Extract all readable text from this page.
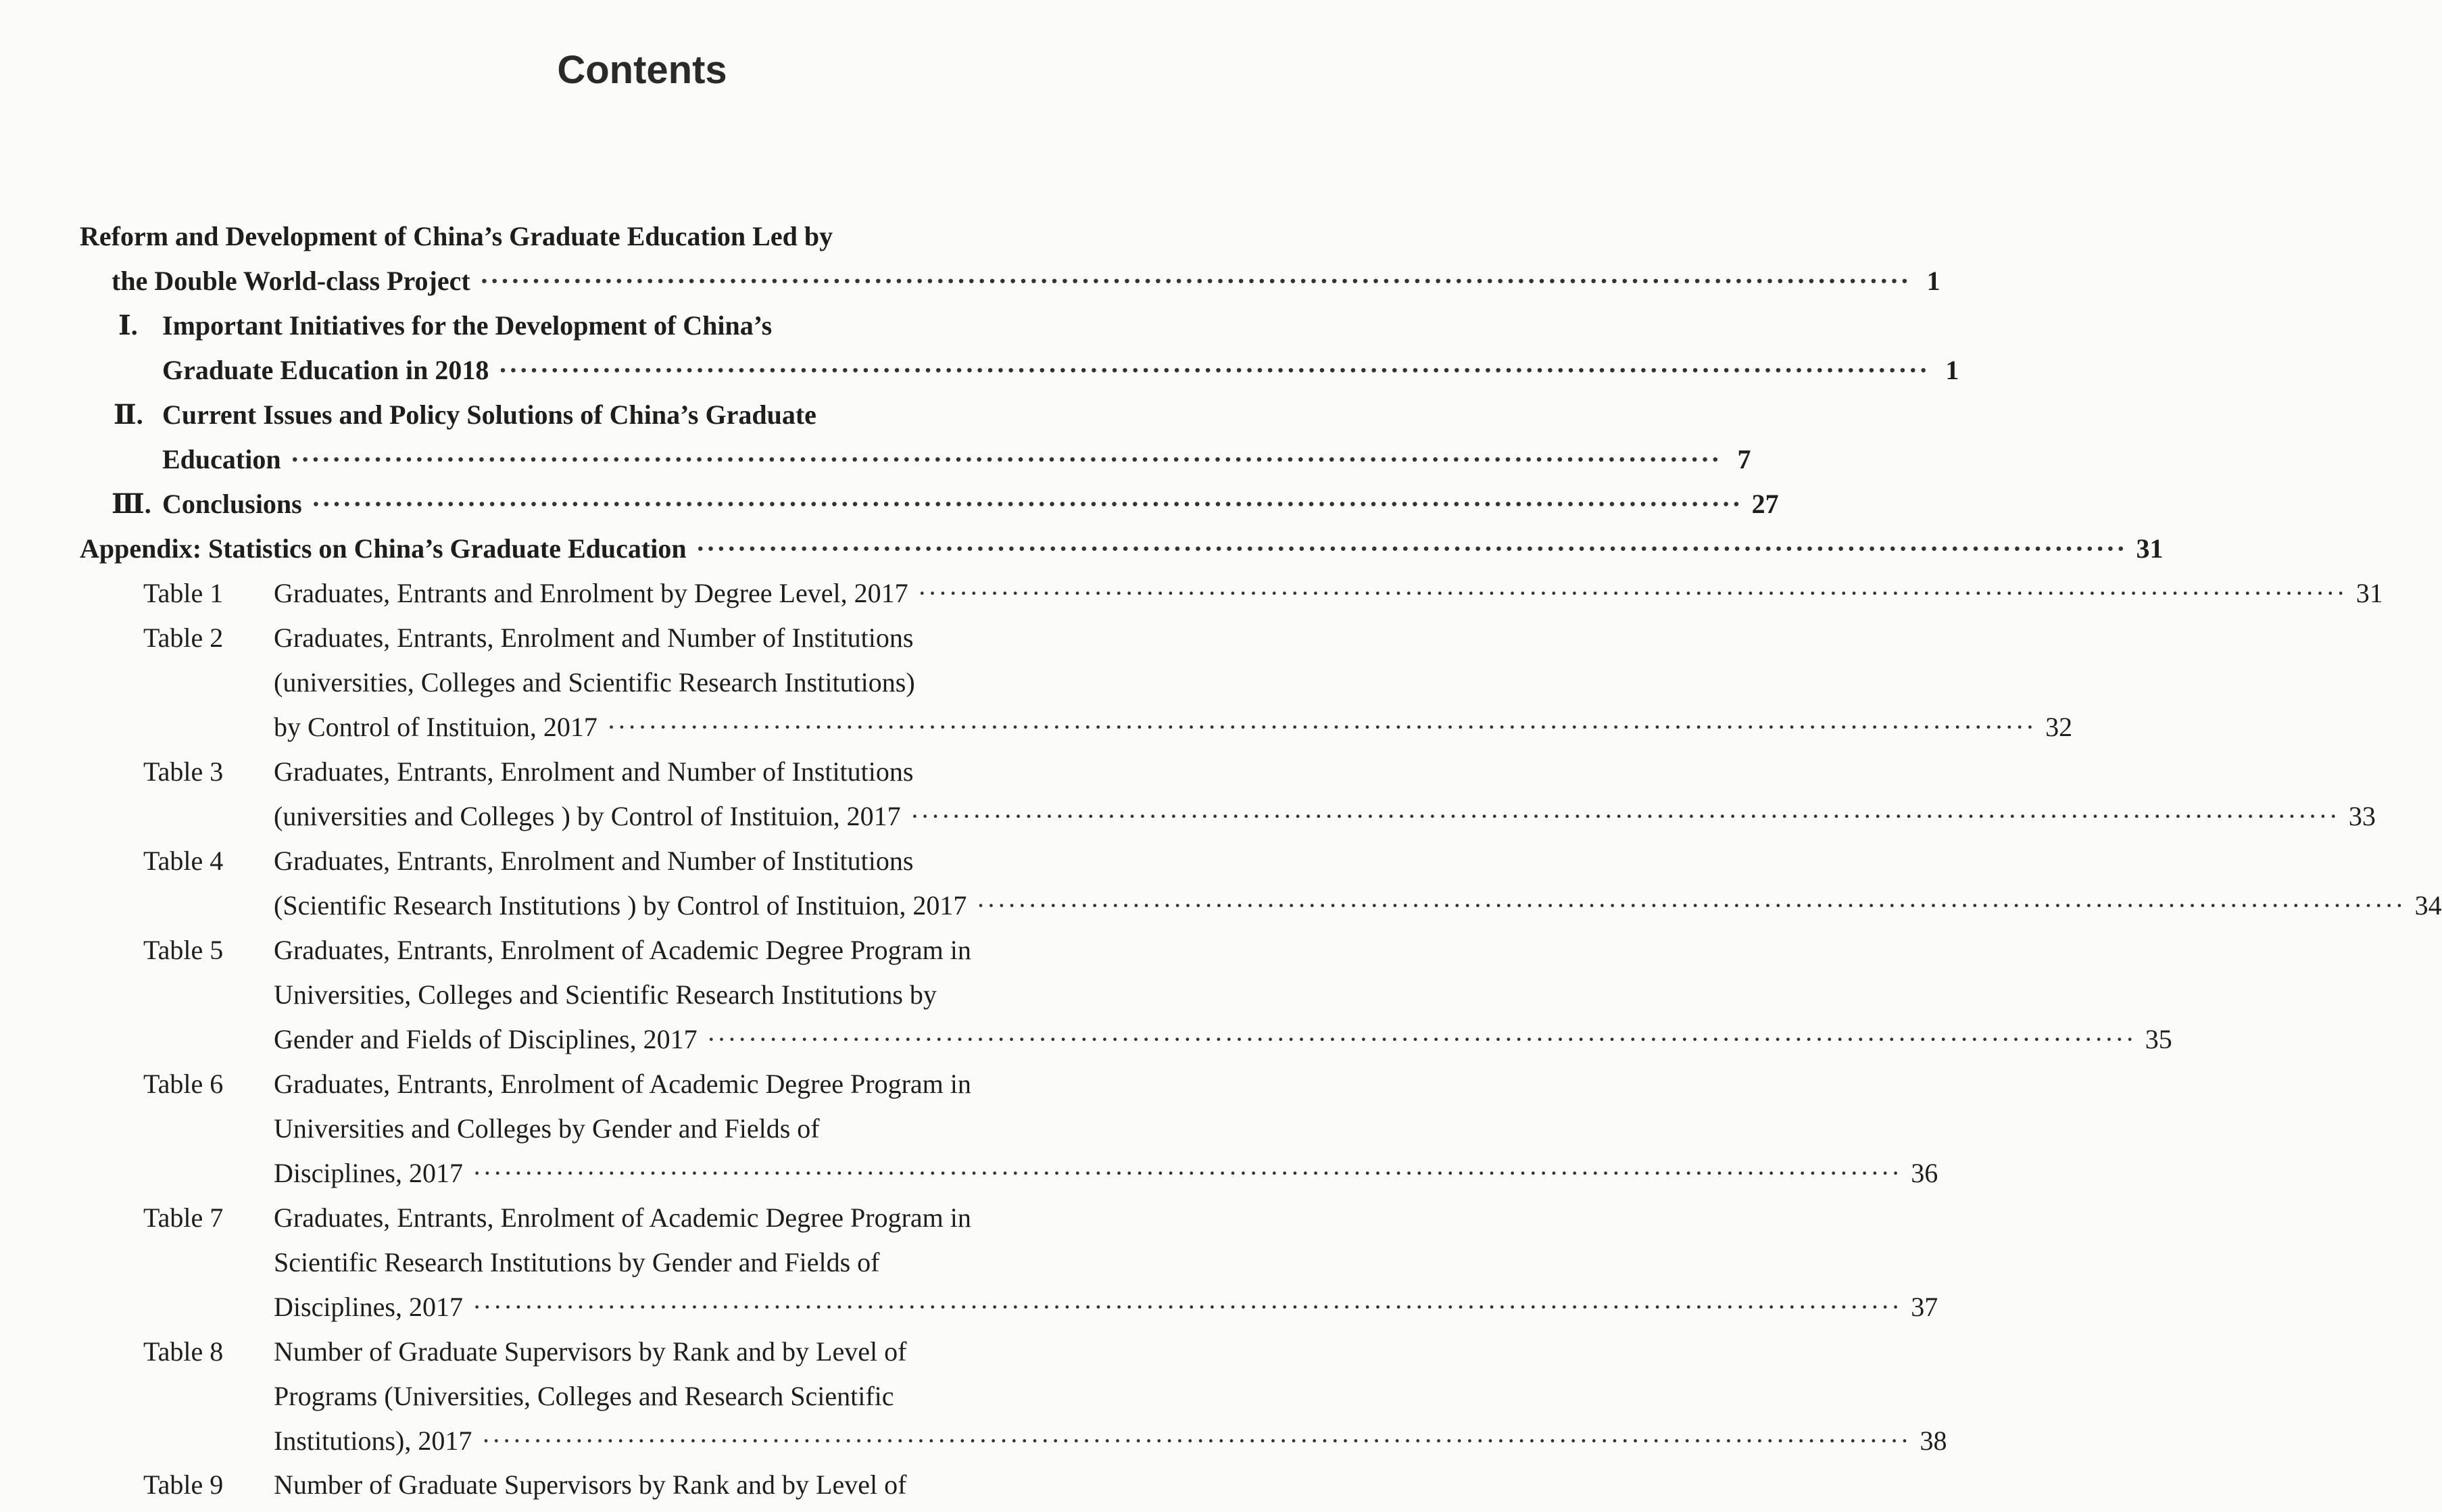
Contents
Reform and Development of China’s Graduate Education Led by
the Double World-class Project ·········································································································································· 1
Ⅰ. Important Initiatives for the Development of China’s
Graduate Education in 2018 ·········································································································································· 1
Ⅱ. Current Issues and Policy Solutions of China’s Graduate
Education ·········································································································································· 7
Ⅲ. Conclusions ·········································································································································· 27
Appendix: Statistics on China’s Graduate Education ·········································································································································· 31
Table 1 Graduates, Entrants and Enrolment by Degree Level, 2017 ·········································································································································· 31
Table 2 Graduates, Entrants, Enrolment and Number of Institutions
(universities, Colleges and Scientific Research Institutions)
by Control of Instituion, 2017 ·········································································································································· 32
Table 3 Graduates, Entrants, Enrolment and Number of Institutions
(universities and Colleges ) by Control of Instituion, 2017 ·········································································································································· 33
Table 4 Graduates, Entrants, Enrolment and Number of Institutions
(Scientific Research Institutions ) by Control of Instituion, 2017 ·········································································································································· 34
Table 5 Graduates, Entrants, Enrolment of Academic Degree Program in
Universities, Colleges and Scientific Research Institutions by
Gender and Fields of Disciplines, 2017 ·········································································································································· 35
Table 6 Graduates, Entrants, Enrolment of Academic Degree Program in
Universities and Colleges by Gender and Fields of
Disciplines, 2017 ·········································································································································· 36
Table 7 Graduates, Entrants, Enrolment of Academic Degree Program in
Scientific Research Institutions by Gender and Fields of
Disciplines, 2017 ·········································································································································· 37
Table 8 Number of Graduate Supervisors by Rank and by Level of
Programs (Universities, Colleges and Research Scientific
Institutions), 2017 ·········································································································································· 38
Table 9 Number of Graduate Supervisors by Rank and by Level of
